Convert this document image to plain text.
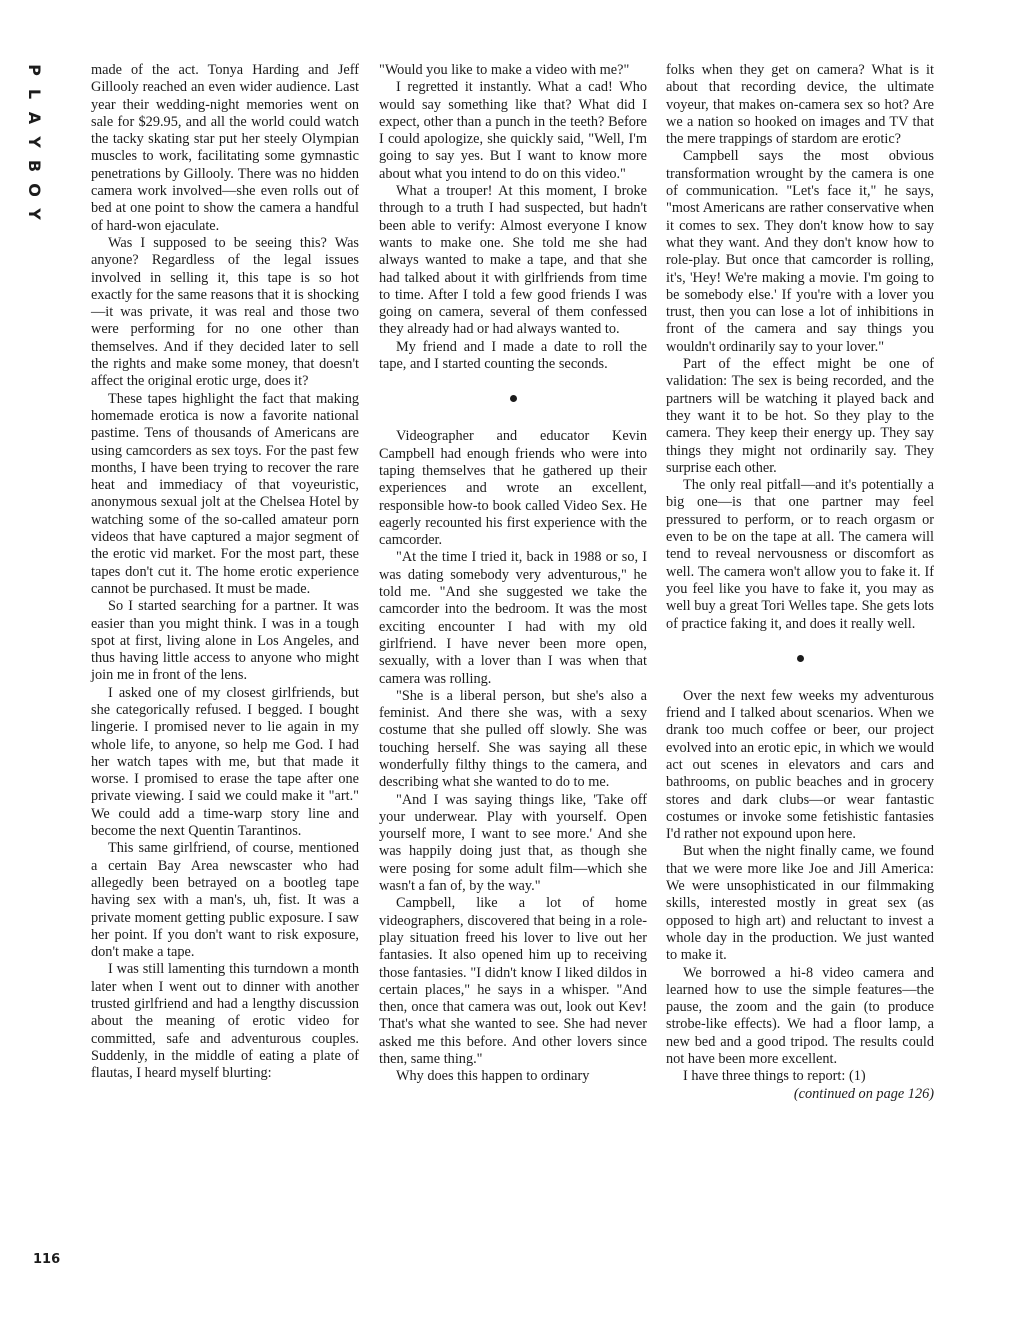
P
L
A
Y
B
O
Y

made of the act. Tonya Harding and Jeff Gillooly reached an even wider audience. Last year their wedding-night memories went on sale for $29.95, and all the world could watch the tacky skating star put her steely Olympian muscles to work, facilitating some gymnastic penetrations by Gillooly. There was no hidden camera work involved—she even rolls out of bed at one point to show the camera a handful of hard-won ejaculate.

Was I supposed to be seeing this? Was anyone? Regardless of the legal issues involved in selling it, this tape is so hot exactly for the same reasons that it is shocking—it was private, it was real and those two were performing for no one other than themselves. And if they decided later to sell the rights and make some money, that doesn't affect the original erotic urge, does it?

These tapes highlight the fact that making homemade erotica is now a favorite national pastime. Tens of thousands of Americans are using camcorders as sex toys. For the past few months, I have been trying to recover the rare heat and immediacy of that voyeuristic, anonymous sexual jolt at the Chelsea Hotel by watching some of the so-called amateur porn videos that have captured a major segment of the erotic vid market. For the most part, these tapes don't cut it. The home erotic experience cannot be purchased. It must be made.

So I started searching for a partner. It was easier than you might think. I was in a tough spot at first, living alone in Los Angeles, and thus having little access to anyone who might join me in front of the lens.

I asked one of my closest girlfriends, but she categorically refused. I begged. I bought lingerie. I promised never to lie again in my whole life, to anyone, so help me God. I had her watch tapes with me, but that made it worse. I promised to erase the tape after one private viewing. I said we could make it "art." We could add a time-warp story line and become the next Quentin Tarantinos.

This same girlfriend, of course, mentioned a certain Bay Area newscaster who had allegedly been betrayed on a bootleg tape having sex with a man's, uh, fist. It was a private moment getting public exposure. I saw her point. If you don't want to risk exposure, don't make a tape.

I was still lamenting this turndown a month later when I went out to dinner with another trusted girlfriend and had a lengthy discussion about the meaning of erotic video for committed, safe and adventurous couples. Suddenly, in the middle of eating a plate of flautas, I heard myself blurting:

"Would you like to make a video with me?"

I regretted it instantly. What a cad! Who would say something like that? What did I expect, other than a punch in the teeth? Before I could apologize, she quickly said, "Well, I'm going to say yes. But I want to know more about what you intend to do on this video."

What a trouper! At this moment, I broke through to a truth I had suspected, but hadn't been able to verify: Almost everyone I know wants to make one. She told me she had always wanted to make a tape, and that she had talked about it with girlfriends from time to time. After I told a few good friends I was going on camera, several of them confessed they already had or had always wanted to.

My friend and I made a date to roll the tape, and I started counting the seconds.

Videographer and educator Kevin Campbell had enough friends who were into taping themselves that he gathered up their experiences and wrote an excellent, responsible how-to book called Video Sex. He eagerly recounted his first experience with the camcorder.

"At the time I tried it, back in 1988 or so, I was dating somebody very adventurous," he told me. "And she suggested we take the camcorder into the bedroom. It was the most exciting encounter I had with my old girlfriend. I have never been more open, sexually, with a lover than I was when that camera was rolling.

"She is a liberal person, but she's also a feminist. And there she was, with a sexy costume that she pulled off slowly. She was touching herself. She was saying all these wonderfully filthy things to the camera, and describing what she wanted to do to me.

"And I was saying things like, 'Take off your underwear. Play with yourself. Open yourself more, I want to see more.' And she was happily doing just that, as though she were posing for some adult film—which she wasn't a fan of, by the way."

Campbell, like a lot of home videographers, discovered that being in a role-play situation freed his lover to live out her fantasies. It also opened him up to receiving those fantasies. "I didn't know I liked dildos in certain places," he says in a whisper. "And then, once that camera was out, look out Kev! That's what she wanted to see. She had never asked me this before. And other lovers since then, same thing."

Why does this happen to ordinary

folks when they get on camera? What is it about that recording device, the ultimate voyeur, that makes on-camera sex so hot? Are we a nation so hooked on images and TV that the mere trappings of stardom are erotic?

Campbell says the most obvious transformation wrought by the camera is one of communication. "Let's face it," he says, "most Americans are rather conservative when it comes to sex. They don't know how to say what they want. And they don't know how to role-play. But once that camcorder is rolling, it's, 'Hey! We're making a movie. I'm going to be somebody else.' If you're with a lover you trust, then you can lose a lot of inhibitions in front of the camera and say things you wouldn't ordinarily say to your lover."

Part of the effect might be one of validation: The sex is being recorded, and the partners will be watching it played back and they want it to be hot. So they play to the camera. They keep their energy up. They say things they might not ordinarily say. They surprise each other.

The only real pitfall—and it's potentially a big one—is that one partner may feel pressured to perform, or to reach orgasm or even to be on the tape at all. The camera will tend to reveal nervousness or discomfort as well. The camera won't allow you to fake it. If you feel like you have to fake it, you may as well buy a great Tori Welles tape. She gets lots of practice faking it, and does it really well.

Over the next few weeks my adventurous friend and I talked about scenarios. When we drank too much coffee or beer, our project evolved into an erotic epic, in which we would act out scenes in elevators and cars and bathrooms, on public beaches and in grocery stores and dark clubs—or wear fantastic costumes or invoke some fetishistic fantasies I'd rather not expound upon here.

But when the night finally came, we found that we were more like Joe and Jill America: We were unsophisticated in our filmmaking skills, interested mostly in great sex (as opposed to high art) and reluctant to invest a whole day in the production. We just wanted to make it.

We borrowed a hi-8 video camera and learned how to use the simple features—the pause, the zoom and the gain (to produce strobe-like effects). We had a floor lamp, a new bed and a good tripod. The results could not have been more excellent.

I have three things to report: (1)

(continued on page 126)

116
